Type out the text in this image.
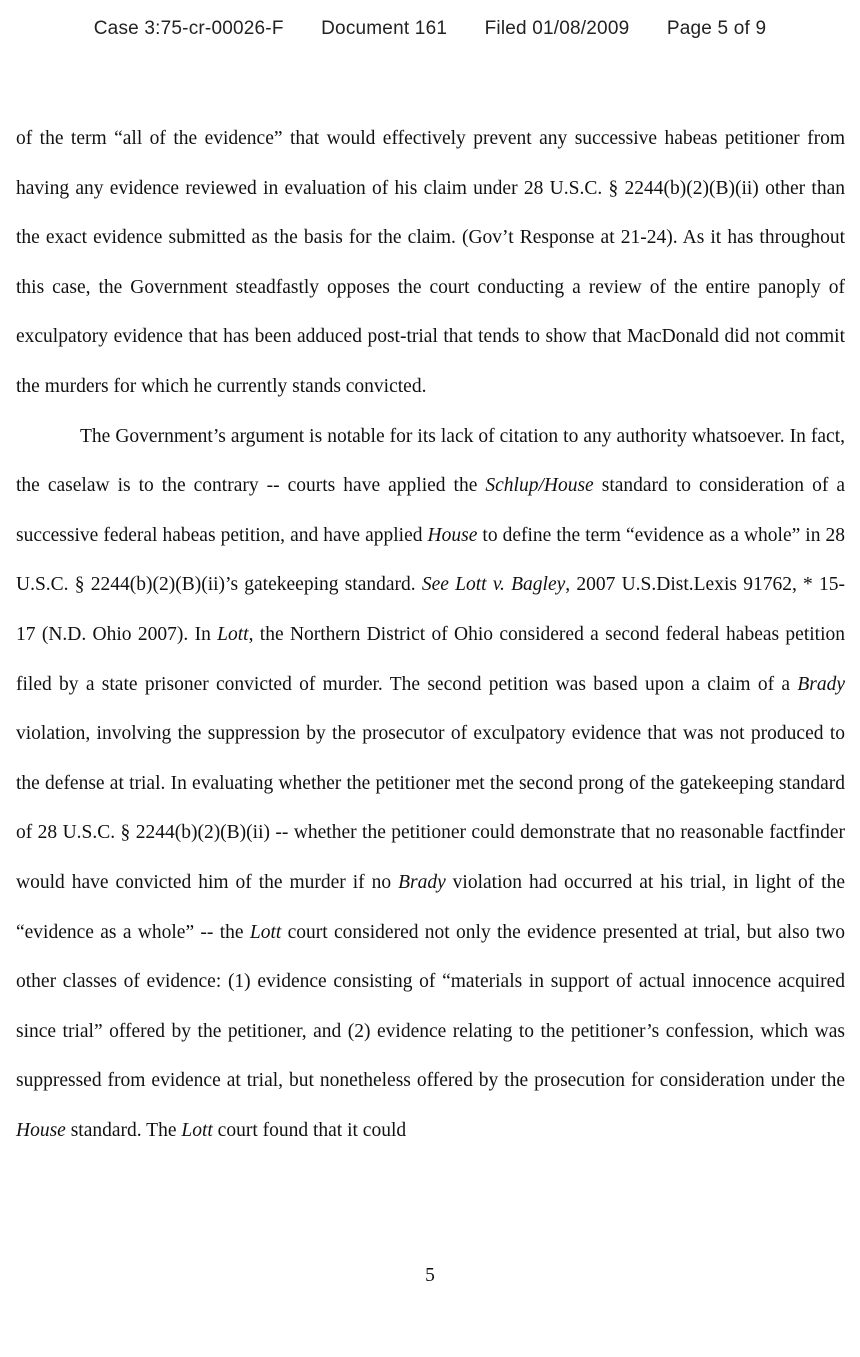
Case 3:75-cr-00026-F Document 161 Filed 01/08/2009 Page 5 of 9

of the term “all of the evidence” that would effectively prevent any successive habeas petitioner from having any evidence reviewed in evaluation of his claim under 28 U.S.C. § 2244(b)(2)(B)(ii) other than the exact evidence submitted as the basis for the claim. (Gov’t Response at 21-24). As it has throughout this case, the Government steadfastly opposes the court conducting a review of the entire panoply of exculpatory evidence that has been adduced post-trial that tends to show that MacDonald did not commit the murders for which he currently stands convicted.

The Government’s argument is notable for its lack of citation to any authority whatsoever. In fact, the caselaw is to the contrary -- courts have applied the Schlup/House standard to consideration of a successive federal habeas petition, and have applied House to define the term “evidence as a whole” in 28 U.S.C. § 2244(b)(2)(B)(ii)’s gatekeeping standard. See Lott v. Bagley, 2007 U.S.Dist.Lexis 91762, * 15-17 (N.D. Ohio 2007). In Lott, the Northern District of Ohio considered a second federal habeas petition filed by a state prisoner convicted of murder. The second petition was based upon a claim of a Brady violation, involving the suppression by the prosecutor of exculpatory evidence that was not produced to the defense at trial. In evaluating whether the petitioner met the second prong of the gatekeeping standard of 28 U.S.C. § 2244(b)(2)(B)(ii) -- whether the petitioner could demonstrate that no reasonable factfinder would have convicted him of the murder if no Brady violation had occurred at his trial, in light of the “evidence as a whole” -- the Lott court considered not only the evidence presented at trial, but also two other classes of evidence: (1) evidence consisting of “materials in support of actual innocence acquired since trial” offered by the petitioner, and (2) evidence relating to the petitioner’s confession, which was suppressed from evidence at trial, but nonetheless offered by the prosecution for consideration under the House standard. The Lott court found that it could

5
